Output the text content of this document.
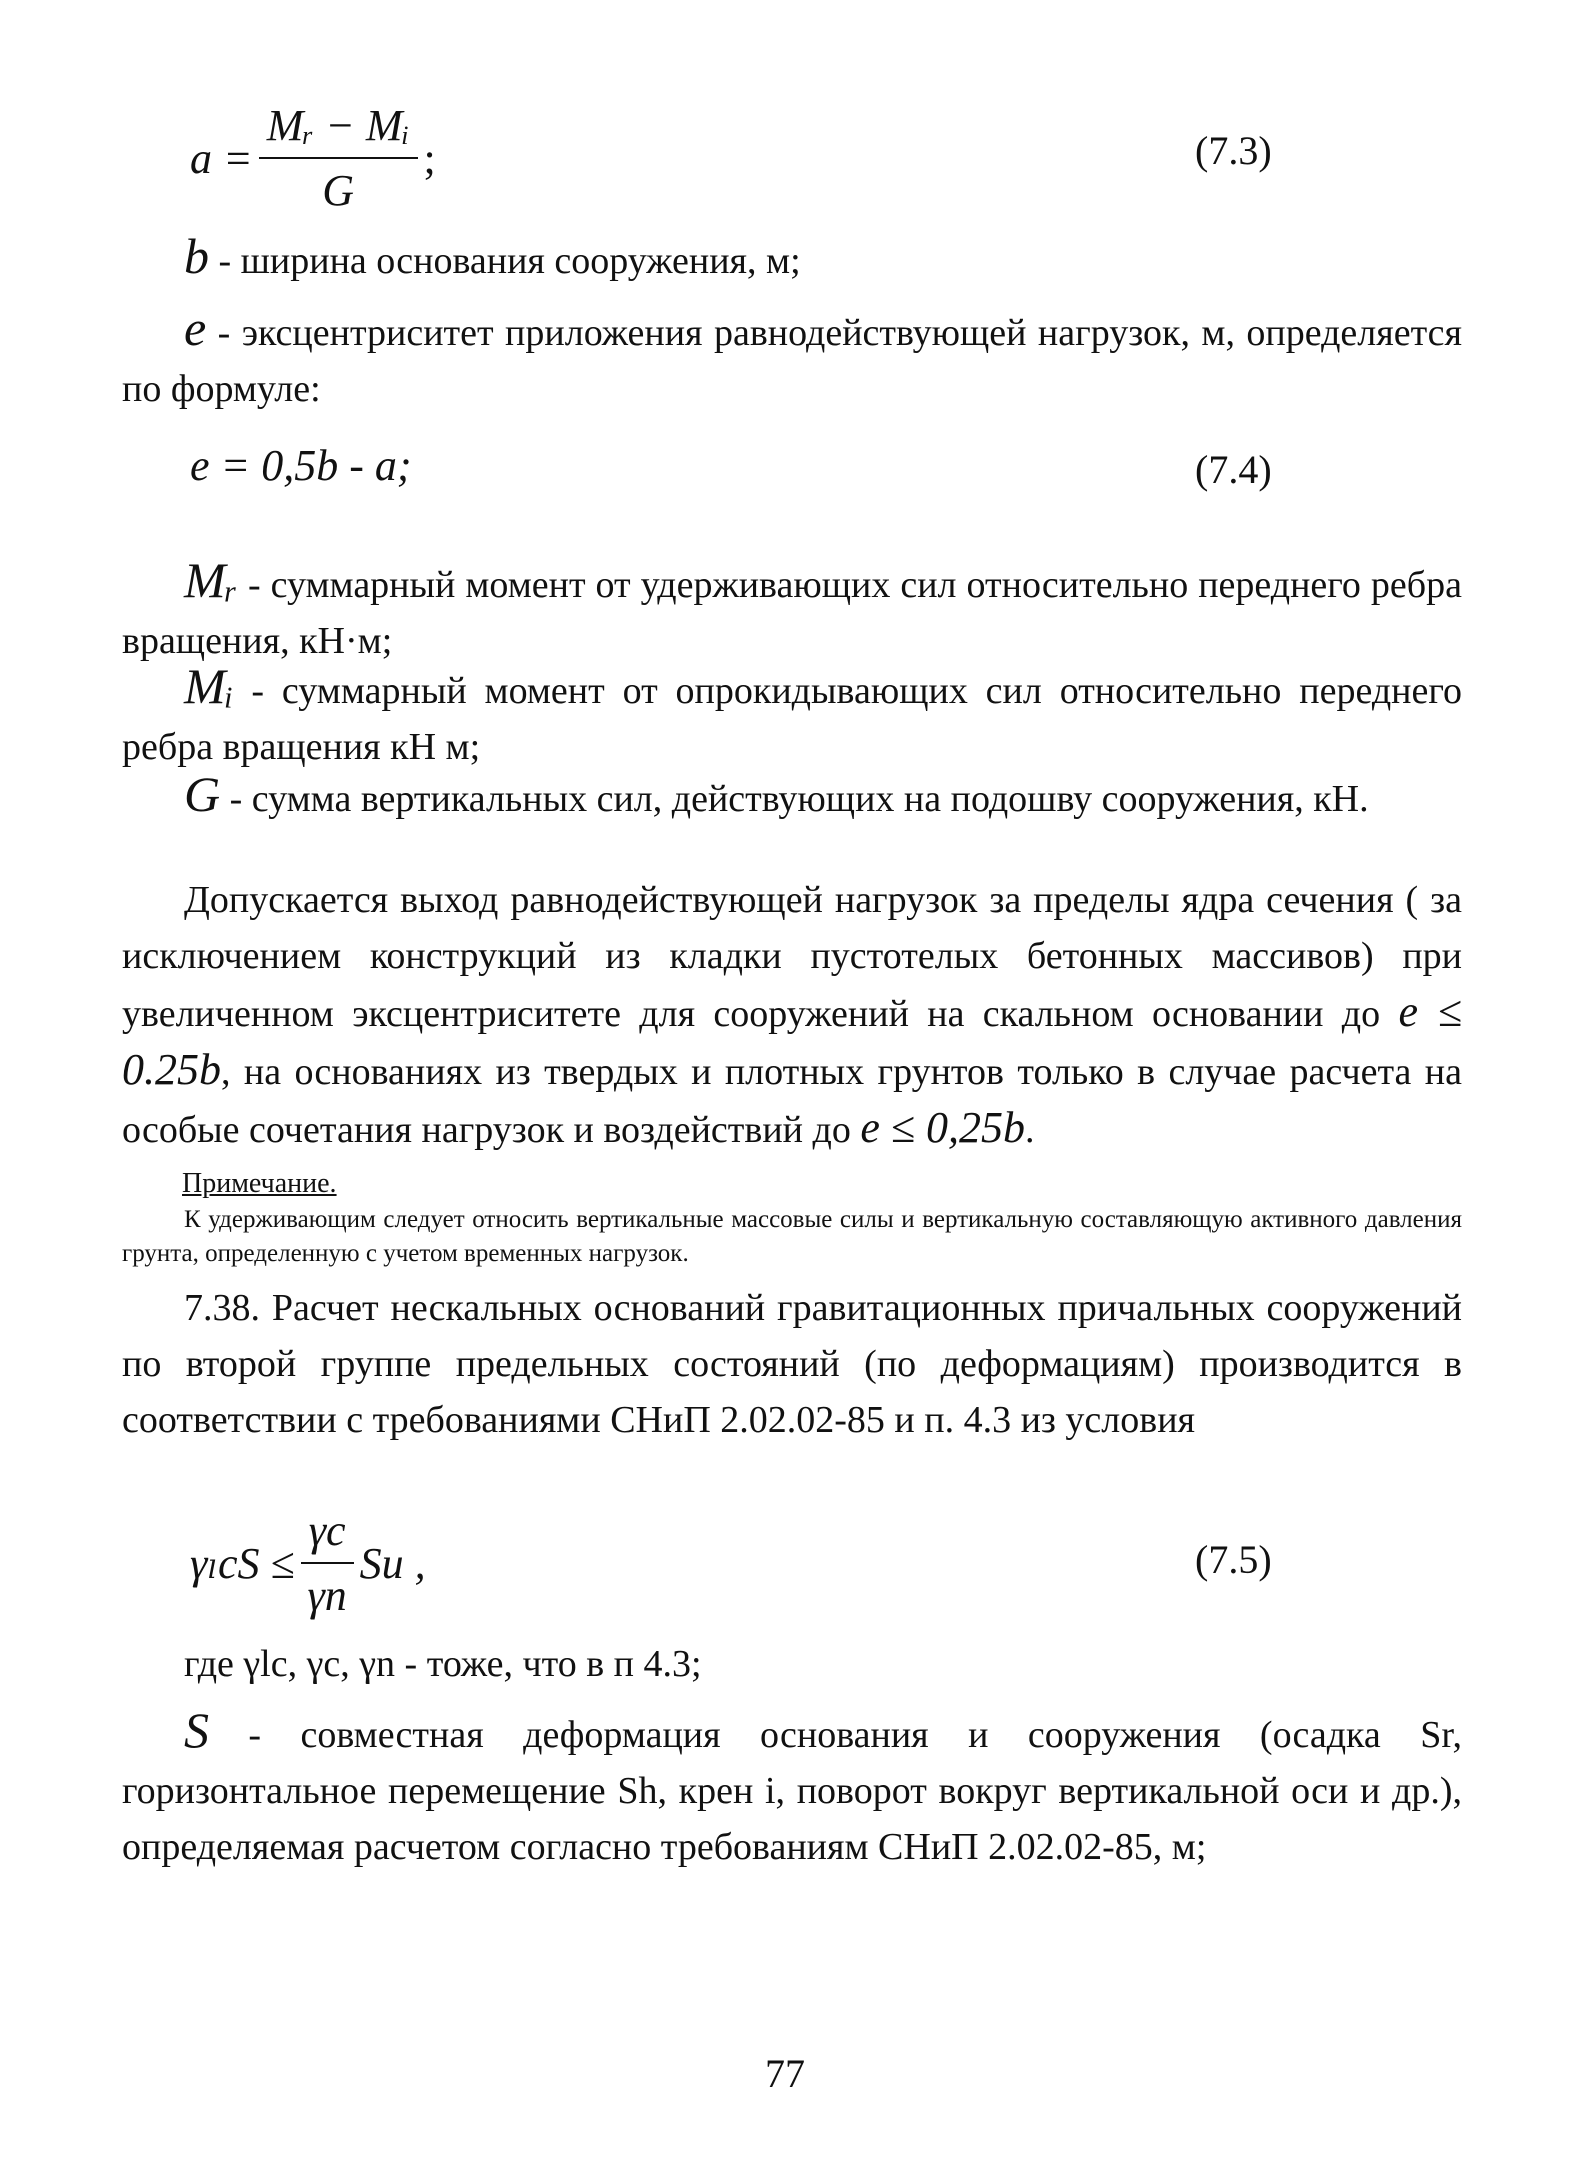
$a = \frac{\text{Mᵣ − Mᵢ}}{G}$ ;	(7.3)
b - ширина основания сооружения, м;
e - эксцентриситет приложения равнодействующей нагрузок, м, определяется по формуле:
e = 0,5b - a;	(7.4)
Mᵣ - суммарный момент от удерживающих сил относительно переднего ребра вращения, кН·м;
Mᵢ - суммарный момент от опрокидывающих сил относительно переднего ребра вращения кН м;
G - сумма вертикальных сил, действующих на подошву сооружения, кН.
Допускается выход равнодействующей нагрузок за пределы ядра сечения ( за исключением конструкций из кладки пустотелых бетонных массивов) при увеличенном эксцентриситете для сооружений на скальном основании до e ≤ 0.25b, на основаниях из твердых и плотных грунтов только в случае расчета на особые сочетания нагрузок и воздействий до e ≤ 0,25b.
Примечание.
К удерживающим следует относить вертикальные массовые силы и вертикальную составляющую активного давления грунта, определенную с учетом временных нагрузок.
7.38. Расчет нескальных оснований гравитационных причальных сооружений по второй группе предельных состояний (по деформациям) производится в соответствии с требованиями СНиП 2.02.02-85 и п. 4.3 из условия
$\gamma_lcS \le \frac{\gamma c}{\gamma n}$ Su ,	(7.5)
где γlc, γc, γn - тоже, что в п 4.3;
S - совместная деформация основания и сооружения (осадка Sr, горизонтальное перемещение Sh, крен i, поворот вокруг вертикальной оси и др.), определяемая расчетом согласно требованиям СНиП 2.02.02-85, м;
77
